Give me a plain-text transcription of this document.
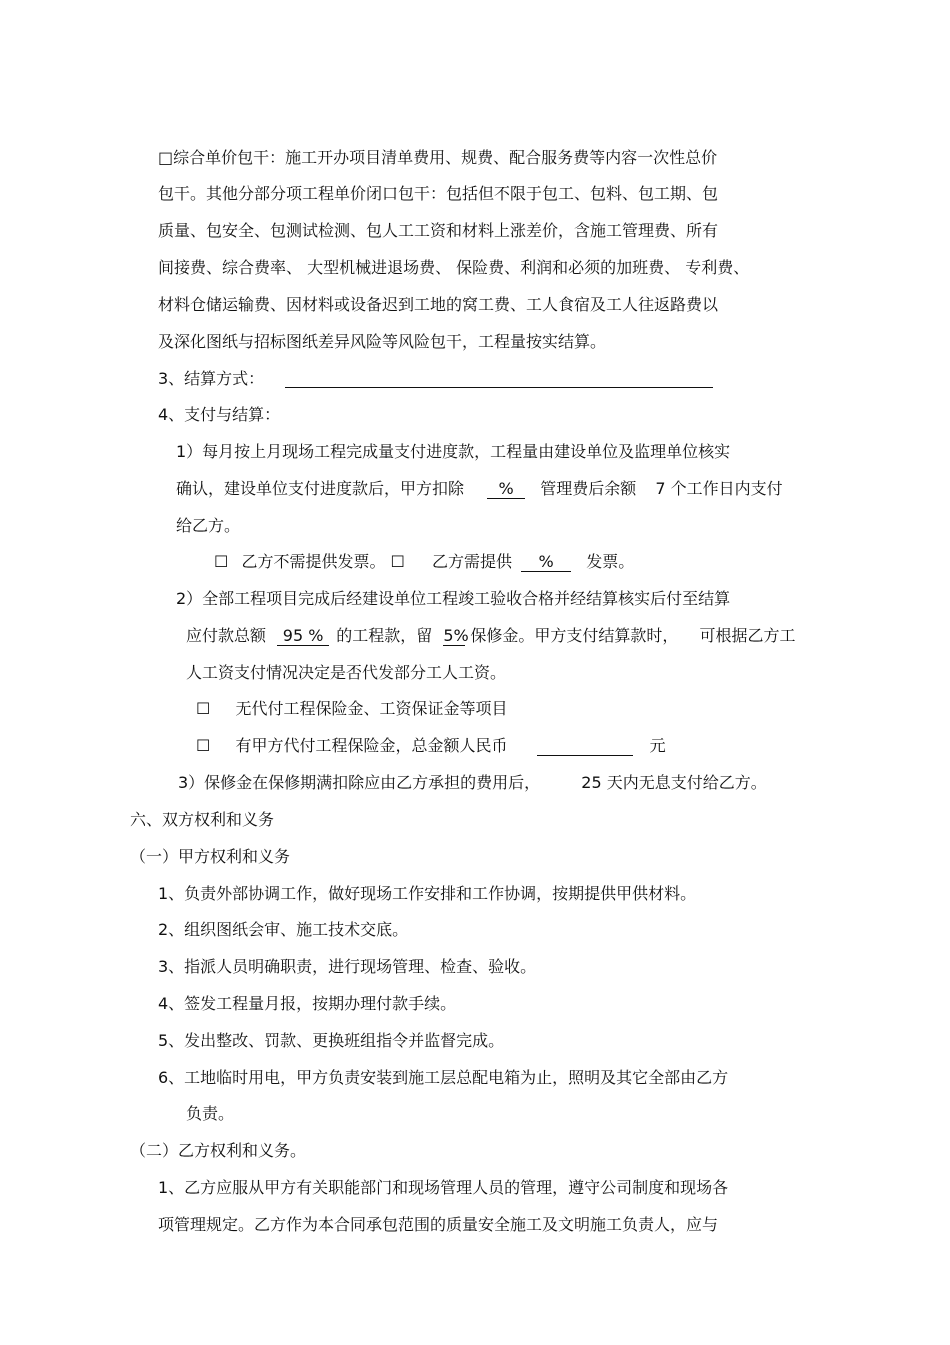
□综合单价包干：施工开办项目清单费用、规费、配合服务费等内容一次性总价
包干。其他分部分项工程单价闭口包干：包括但不限于包工、包料、包工期、包
质量、包安全、包测试检测、包人工工资和材料上涨差价，含施工管理费、所有
间接费、综合费率、 大型机械进退场费、 保险费、利润和必须的加班费、 专利费、
材料仓储运输费、因材料或设备迟到工地的窝工费、工人食宿及工人往返路费以
及深化图纸与招标图纸差异风险等风险包干，工程量按实结算。
3、结算方式：
4、支付与结算：
1）每月按上月现场工程完成量支付进度款，工程量由建设单位及监理单位核实
确认，建设单位支付进度款后，甲方扣除 % 管理费后余额 7 个工作日内支付
给乙方。
☐ 乙方不需提供发票。 ☐ 乙方需提供 % 发票。
2）全部工程项目完成后经建设单位工程竣工验收合格并经结算核实后付至结算
应付款总额 95 % 的工程款，留 5% 保修金。甲方支付结算款时， 可根据乙方工
人工资支付情况决定是否代发部分工人工资。
☐ 无代付工程保险金、工资保证金等项目
☐ 有甲方代付工程保险金，总金额人民币	元
3）保修金在保修期满扣除应由乙方承担的费用后，	25 天内无息支付给乙方。
六、双方权利和义务
（一）甲方权利和义务
1、负责外部协调工作，做好现场工作安排和工作协调，按期提供甲供材料。
2、组织图纸会审、施工技术交底。
3、指派人员明确职责，进行现场管理、检查、验收。
4、签发工程量月报，按期办理付款手续。
5、发出整改、罚款、更换班组指令并监督完成。
6、工地临时用电，甲方负责安装到施工层总配电箱为止，照明及其它全部由乙方
负责。
（二）乙方权利和义务。
1、乙方应服从甲方有关职能部门和现场管理人员的管理，遵守公司制度和现场各
项管理规定。乙方作为本合同承包范围的质量安全施工及文明施工负责人，应与
